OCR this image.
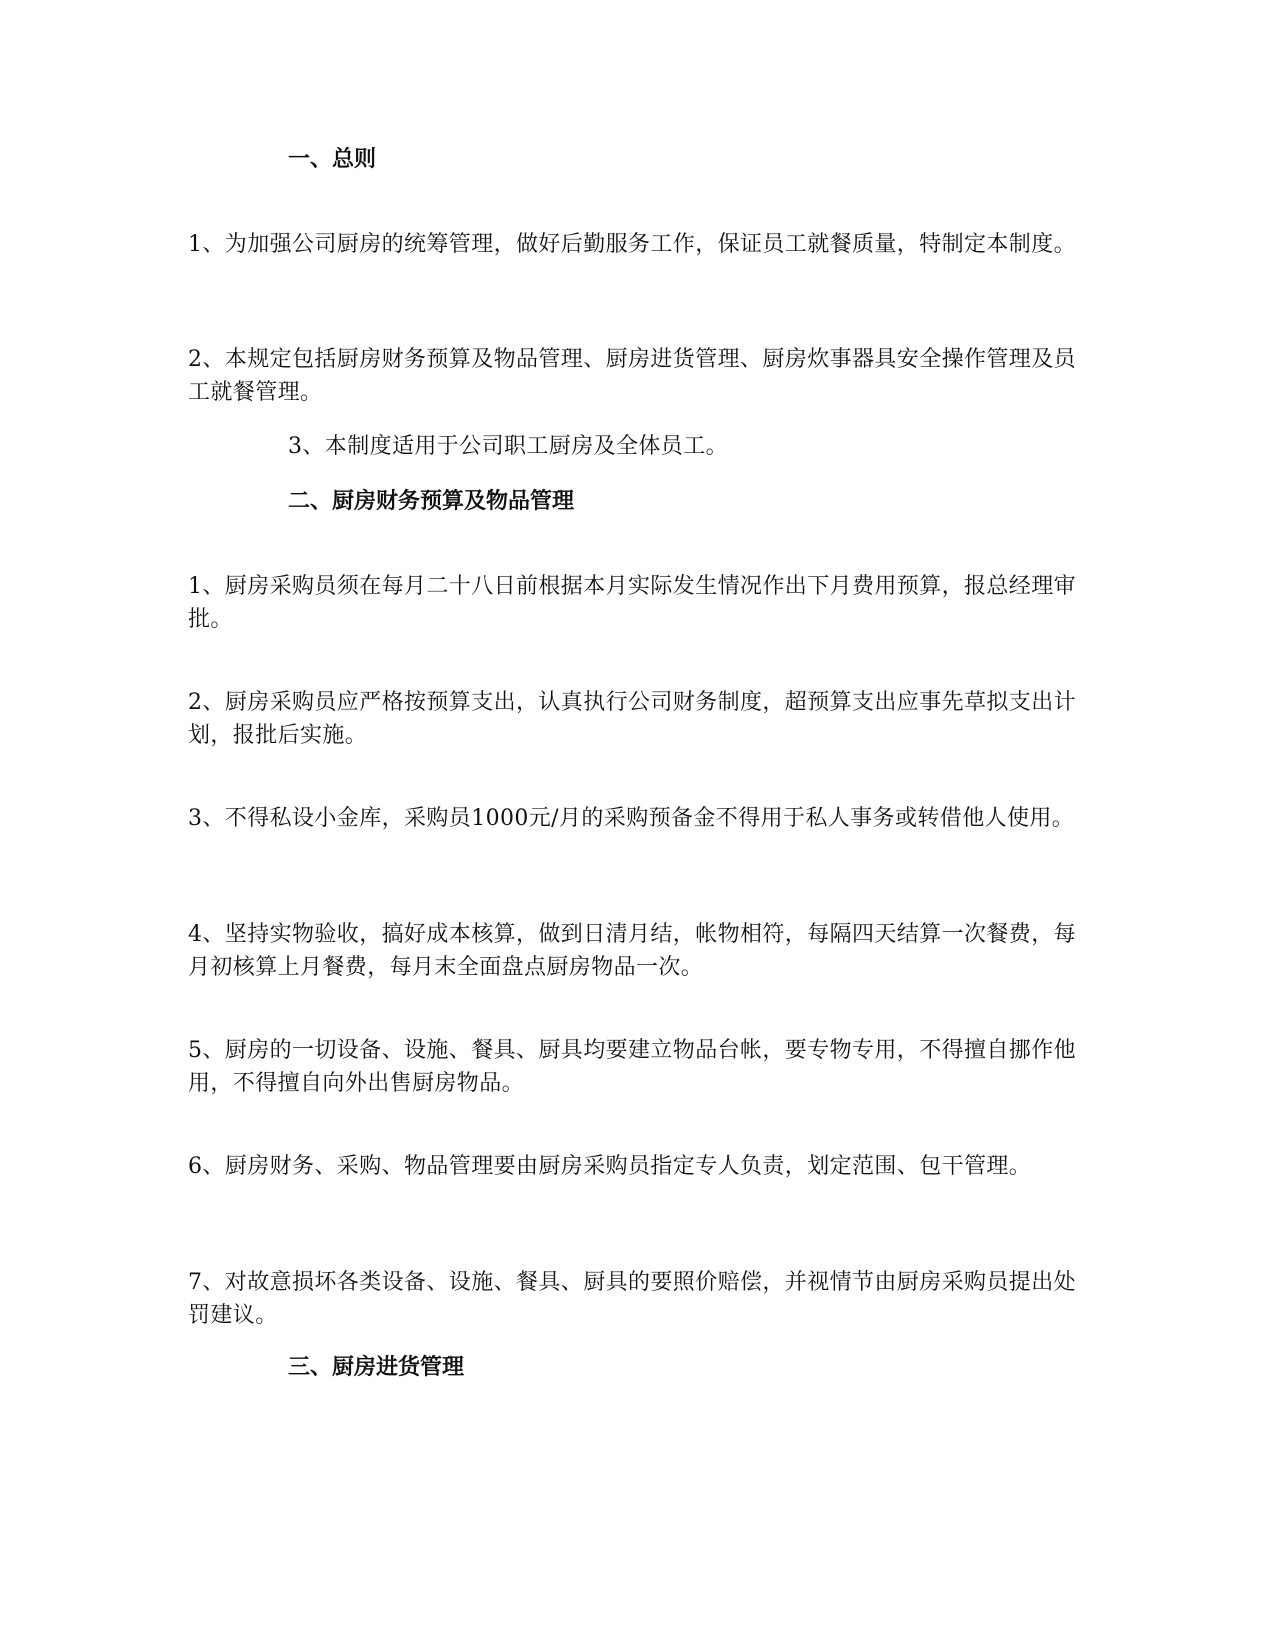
一、总则
1、为加强公司厨房的统筹管理，做好后勤服务工作，保证员工就餐质量，特制定本制度。
2、本规定包括厨房财务预算及物品管理、厨房进货管理、厨房炊事器具安全操作管理及员工就餐管理。
3、本制度适用于公司职工厨房及全体员工。
二、厨房财务预算及物品管理
1、厨房采购员须在每月二十八日前根据本月实际发生情况作出下月费用预算，报总经理审批。
2、厨房采购员应严格按预算支出，认真执行公司财务制度，超预算支出应事先草拟支出计划，报批后实施。
3、不得私设小金库，采购员1000元/月的采购预备金不得用于私人事务或转借他人使用。
4、坚持实物验收，搞好成本核算，做到日清月结，帐物相符，每隔四天结算一次餐费，每月初核算上月餐费，每月末全面盘点厨房物品一次。
5、厨房的一切设备、设施、餐具、厨具均要建立物品台帐，要专物专用，不得擅自挪作他用，不得擅自向外出售厨房物品。
6、厨房财务、采购、物品管理要由厨房采购员指定专人负责，划定范围、包干管理。
7、对故意损坏各类设备、设施、餐具、厨具的要照价赔偿，并视情节由厨房采购员提出处罚建议。
三、厨房进货管理
